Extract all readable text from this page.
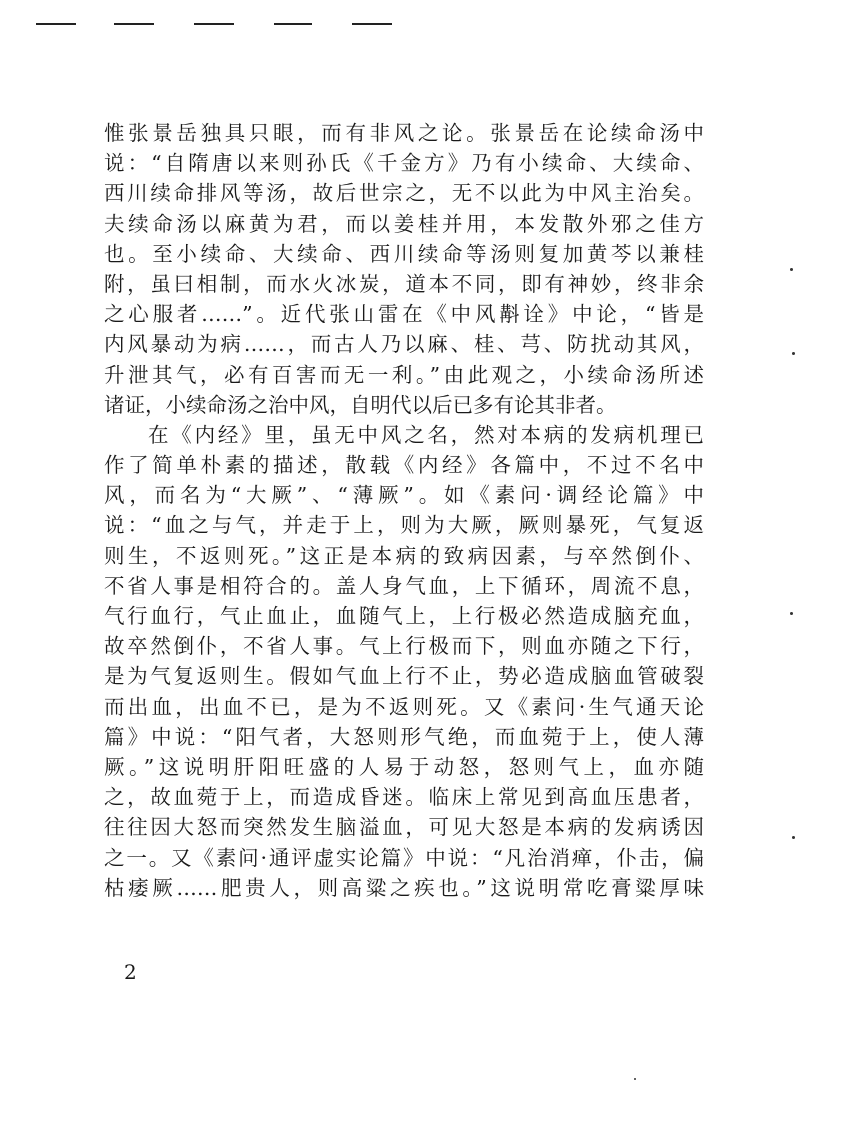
惟张景岳独具只眼，而有非风之论。张景岳在论续命汤中
说：“自隋唐以来则孙氏《千金方》乃有小续命、大续命、
西川续命排风等汤，故后世宗之，无不以此为中风主治矣。
夫续命汤以麻黄为君，而以姜桂并用，本发散外邪之佳方
也。至小续命、大续命、西川续命等汤则复加黄芩以兼桂
附，虽曰相制，而水火冰炭，道本不同，即有神妙，终非余
之心服者……”。近代张山雷在《中风斠诠》中论，“皆是
内风暴动为病……，而古人乃以麻、桂、芎、防扰动其风，
升泄其气，必有百害而无一利。”由此观之，小续命汤所述
诸证，小续命汤之治中风，自明代以后已多有论其非者。
在《内经》里，虽无中风之名，然对本病的发病机理已
作了简单朴素的描述，散载《内经》各篇中，不过不名中
风，而名为“大厥”、“薄厥”。如《素问·调经论篇》中
说：“血之与气，并走于上，则为大厥，厥则暴死，气复返
则生，不返则死。”这正是本病的致病因素，与卒然倒仆、
不省人事是相符合的。盖人身气血，上下循环，周流不息，
气行血行，气止血止，血随气上，上行极必然造成脑充血，
故卒然倒仆，不省人事。气上行极而下，则血亦随之下行，
是为气复返则生。假如气血上行不止，势必造成脑血管破裂
而出血，出血不已，是为不返则死。又《素问·生气通天论
篇》中说：“阳气者，大怒则形气绝，而血菀于上，使人薄
厥。”这说明肝阳旺盛的人易于动怒，怒则气上，血亦随
之，故血菀于上，而造成昏迷。临床上常见到高血压患者，
往往因大怒而突然发生脑溢血，可见大怒是本病的发病诱因
之一。又《素问·通评虚实论篇》中说：“凡治消瘅，仆击，偏
枯痿厥……肥贵人，则高粱之疾也。”这说明常吃膏粱厚味
2
